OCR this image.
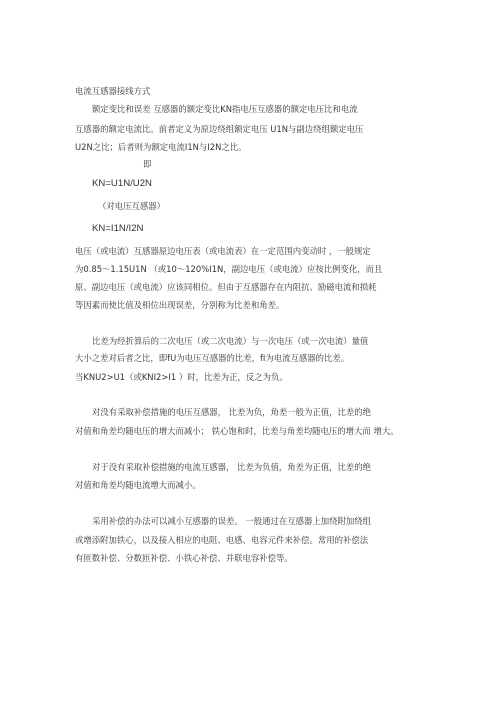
电流互感器接线方式
额定变比和误差 互感器的额定变比KN指电压互感器的额定电压比和电流
互感器的额定电流比。前者定义为原边绕组额定电压 U1N与副边绕组额定电压
U2N之比；后者则为额定电流I1N与I2N之比。
即
KN=U1N/U2N
（对电压互感器）
KN=I1N/I2N
电压（或电流）互感器原边电压表（或电流表）在一定范围内变动时 ，一般规定
为0.85～1.15U1N （或10～120%I1N，副边电压（或电流）应按比例变化，而且
原、副边电压（或电流）应该同相位。但由于互感器存在内阻抗、励磁电流和损耗
等因素而使比值及相位出现误差，分别称为比差和角差。
比差为经折算后的二次电压（或二次电流）与一次电压（或一次电流）量值
大小之差对后者之比，即fU为电压互感器的比差，fI为电流互感器的比差。
当KNU2>U1（或KNI2>I1 ）时，比差为正，反之为负。
对没有采取补偿措施的电压互感器， 比差为负，角差一般为正值，比差的绝
对值和角差均随电压的增大而减小； 铁心饱和时，比差与角差均随电压的增大而 增大。
对于没有采取补偿措施的电流互感器， 比差为负值，角差为正值，比差的绝
对值和角差均随电流增大而减小。
采用补偿的办法可以减小互感器的误差。 一般通过在互感器上加绕附加绕组
或增添附加铁心，以及接入相应的电阻、电感、电容元件来补偿。常用的补偿法
有匝数补偿、分数匝补偿、小铁心补偿、并联电容补偿等。
